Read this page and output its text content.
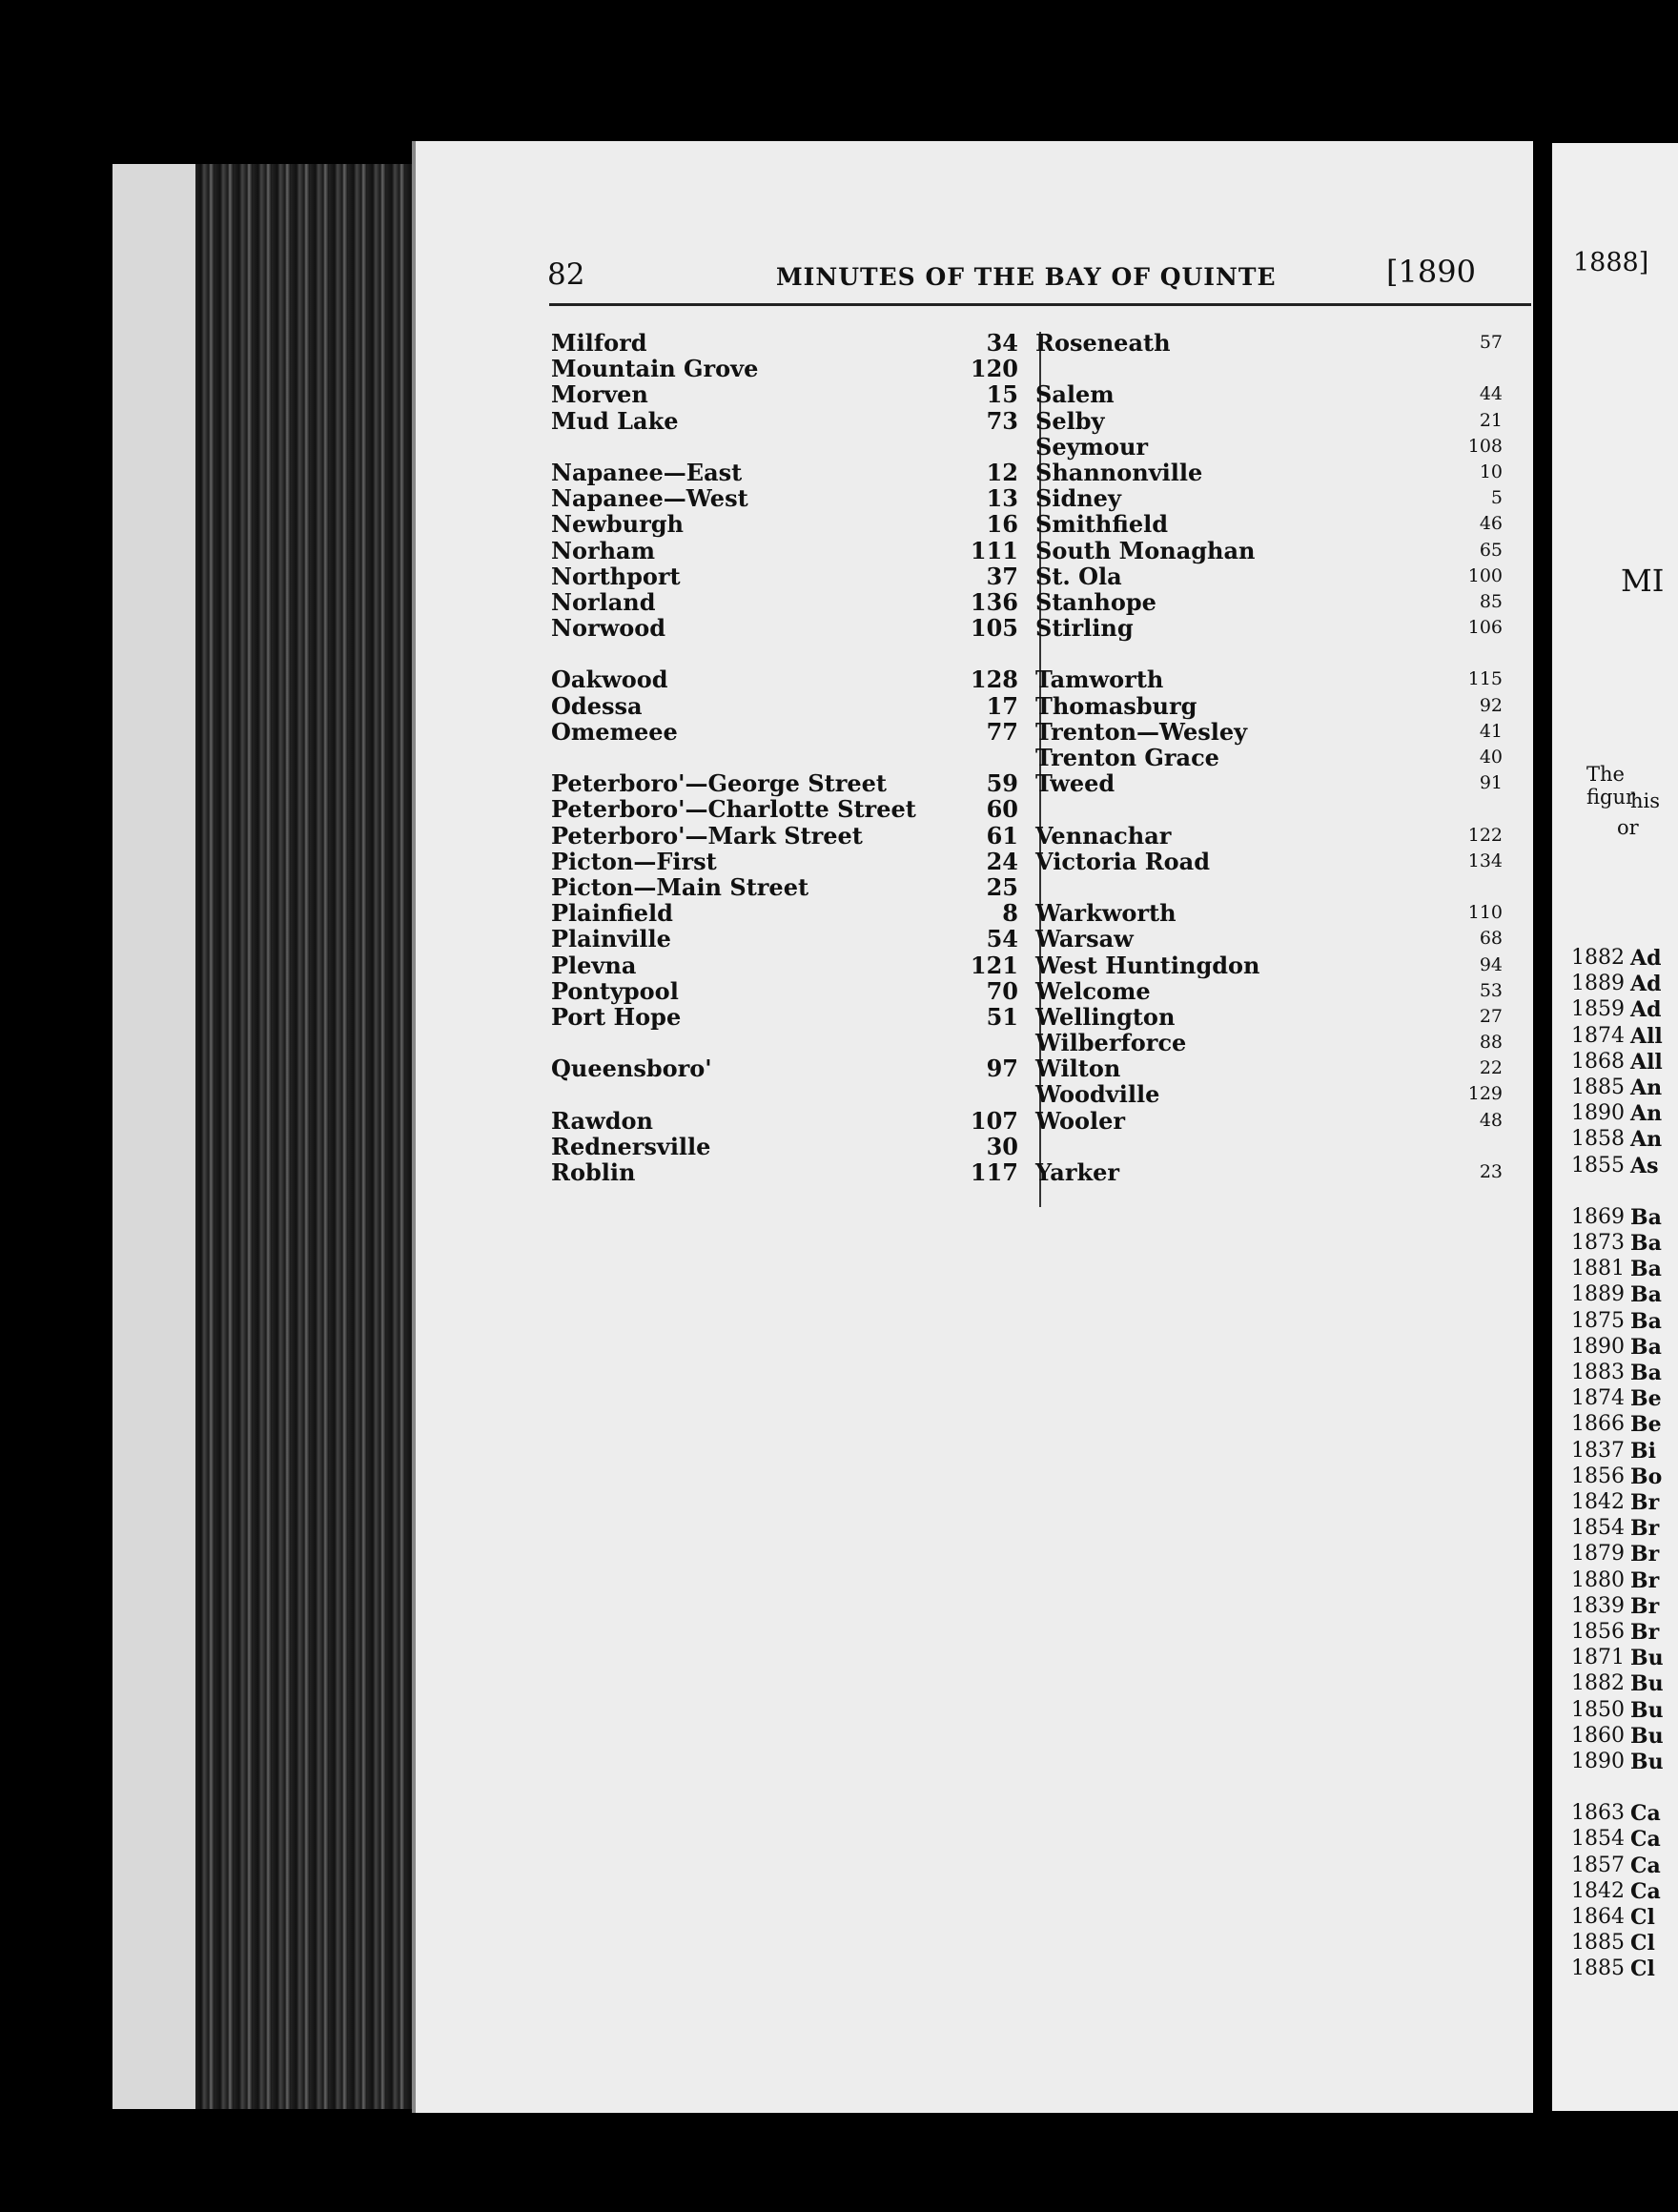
82	MINUTES OF THE BAY OF QUINTE	[1890
Milford	34
Mountain Grove	120
Morven	15
Mud Lake	73
Napanee—East	12
Napanee—West	13
Newburgh	16
Norham	111
Northport	37
Norland	136
Norwood	105
Oakwood	128
Odessa	17
Omemeee	77
Peterboro'—George Street	59
Peterboro'—Charlotte Street	60
Peterboro'—Mark Street	61
Picton—First	24
Picton—Main Street	25
Plainfield	8
Plainville	54
Plevna	121
Pontypool	70
Port Hope	51
Queensboro'	97
Rawdon	107
Rednersville	30
Roblin	117
Roseneath	57
Salem	44
Selby	21
Seymour	108
Shannonville	10
Sidney	5
Smithfield	46
South Monaghan	65
St. Ola	100
Stanhope	85
Stirling	106
Tamworth	115
Thomasburg	92
Trenton—Wesley	41
Trenton Grace	40
Tweed	91
Vennachar	122
Victoria Road	134
Warkworth	110
Warsaw	68
West Huntingdon	94
Welcome	53
Wellington	27
Wilberforce	88
Wilton	22
Woodville	129
Wooler	48
Yarker	23
1888]
MI
The figur
his
or
1882 Ad
1889 Ad
1859 Ad
1874 All
1868 All
1885 An
1890 An
1858 An
1855 As
1869 Ba
1873 Ba
1881 Ba
1889 Ba
1875 Ba
1890 Ba
1883 Ba
1874 Be
1866 Be
1837 Bi
1856 Bo
1842 Br
1854 Br
1879 Br
1880 Br
1839 Br
1856 Br
1871 Bu
1882 Bu
1850 Bu
1860 Bu
1890 Bu
1863 Ca
1854 Ca
1857 Ca
1842 Ca
1864 Cl
1885 Cl
1885 Cl
